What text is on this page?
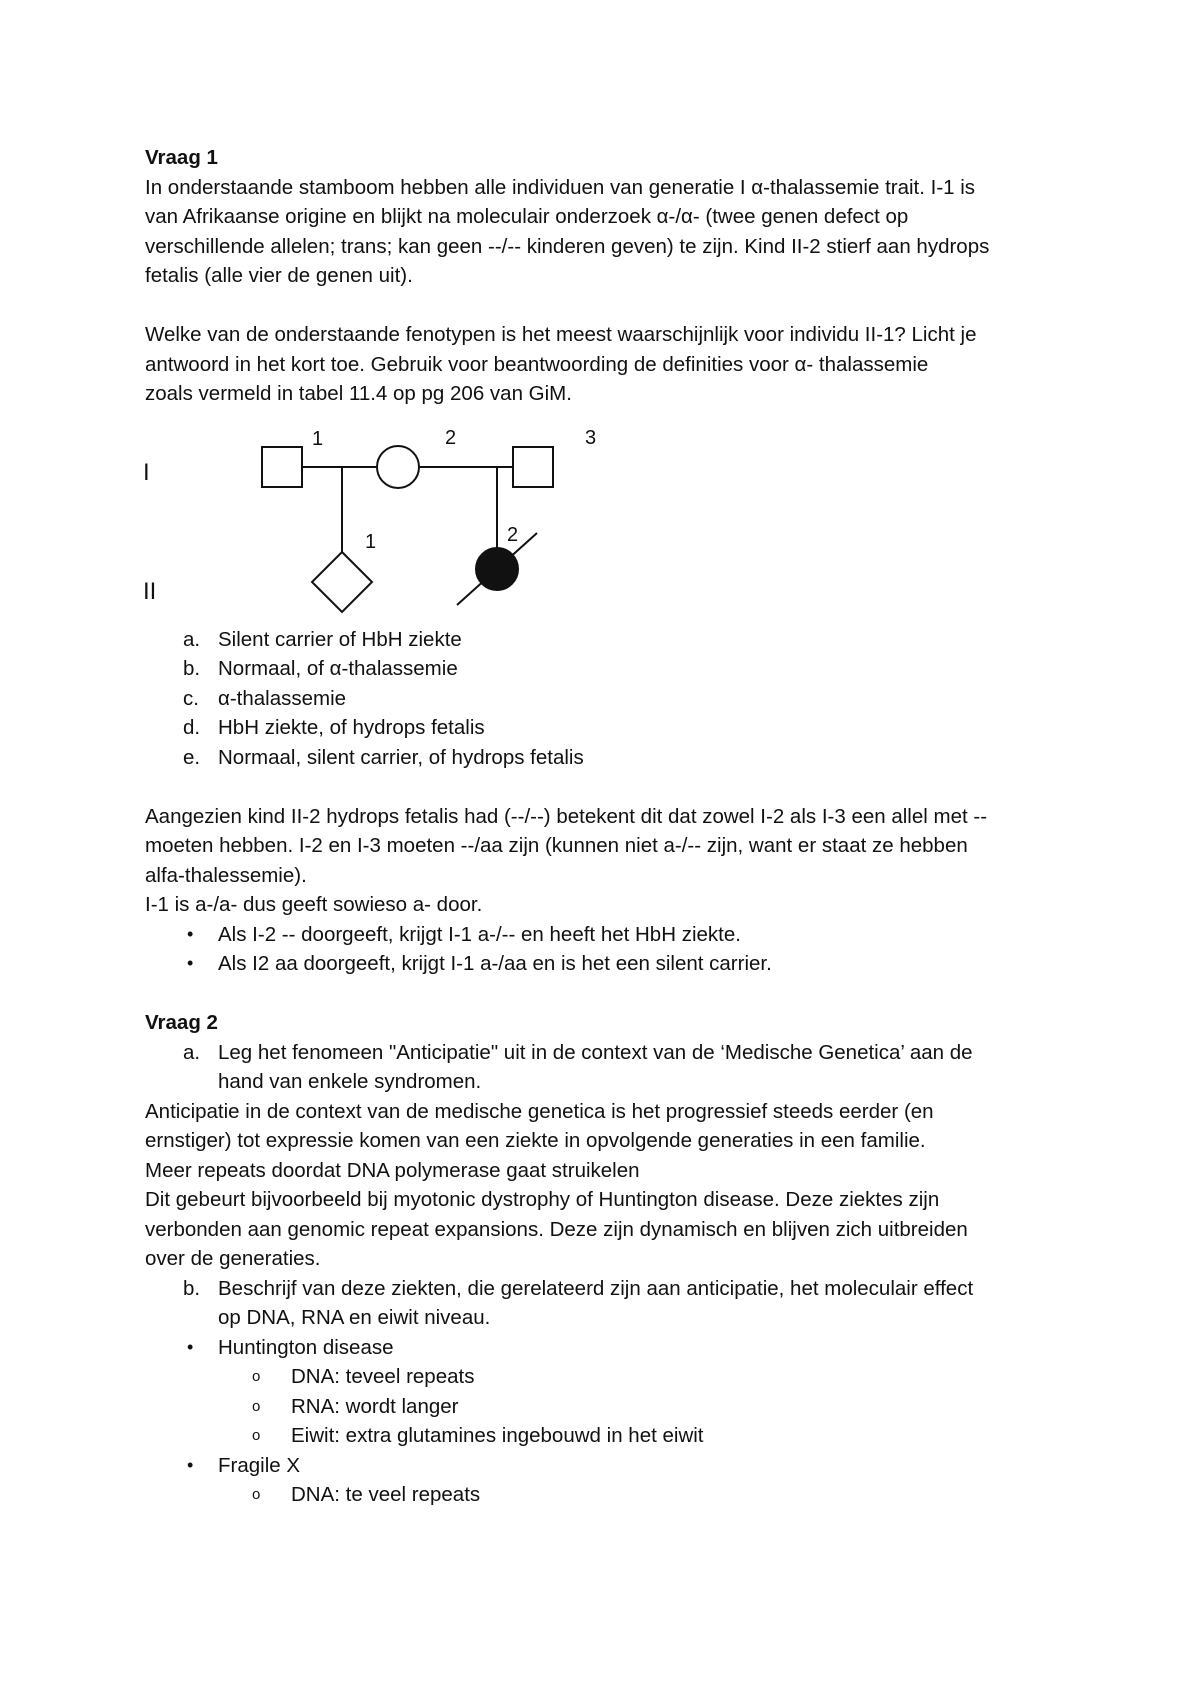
Vraag 1

In onderstaande stamboom hebben alle individuen van generatie I α-thalassemie trait. I-1 is

van Afrikaanse origine en blijkt na moleculair onderzoek α-/α- (twee genen defect op

verschillende allelen; trans; kan geen --/-- kinderen geven) te zijn. Kind II-2 stierf aan hydrops

fetalis (alle vier de genen uit).

Welke van de onderstaande fenotypen is het meest waarschijnlijk voor individu II-1? Licht je

antwoord in het kort toe. Gebruik voor beantwoording de definities voor α- thalassemie

zoals vermeld in tabel 11.4 op pg 206 van GiM.

1	2	3
1	2
I
II
a. Silent carrier of HbH ziekte
b. Normaal, of α-thalassemie
c. α-thalassemie
d. HbH ziekte, of hydrops fetalis
e. Normaal, silent carrier, of hydrops fetalis

Aangezien kind II-2 hydrops fetalis had (--/--) betekent dit dat zowel I-2 als I-3 een allel met --

moeten hebben. I-2 en I-3 moeten --/aa zijn (kunnen niet a-/-- zijn, want er staat ze hebben

alfa-thalessemie).

I-1 is a-/a- dus geeft sowieso a- door.

• Als I-2 -- doorgeeft, krijgt I-1 a-/-- en heeft het HbH ziekte.
• Als I2 aa doorgeeft, krijgt I-1 a-/aa en is het een silent carrier.

Vraag 2

a. Leg het fenomeen "Anticipatie" uit in de context van de ‘Medische Genetica’ aan de
hand van enkele syndromen.

Anticipatie in de context van de medische genetica is het progressief steeds eerder (en

ernstiger) tot expressie komen van een ziekte in opvolgende generaties in een familie.

Meer repeats doordat DNA polymerase gaat struikelen

Dit gebeurt bijvoorbeeld bij myotonic dystrophy of Huntington disease. Deze ziektes zijn

verbonden aan genomic repeat expansions. Deze zijn dynamisch en blijven zich uitbreiden

over de generaties.

b. Beschrijf van deze ziekten, die gerelateerd zijn aan anticipatie, het moleculair effect
op DNA, RNA en eiwit niveau.
• Huntington disease
o DNA: teveel repeats
o RNA: wordt langer
o Eiwit: extra glutamines ingebouwd in het eiwit
• Fragile X
o DNA: te veel repeats
